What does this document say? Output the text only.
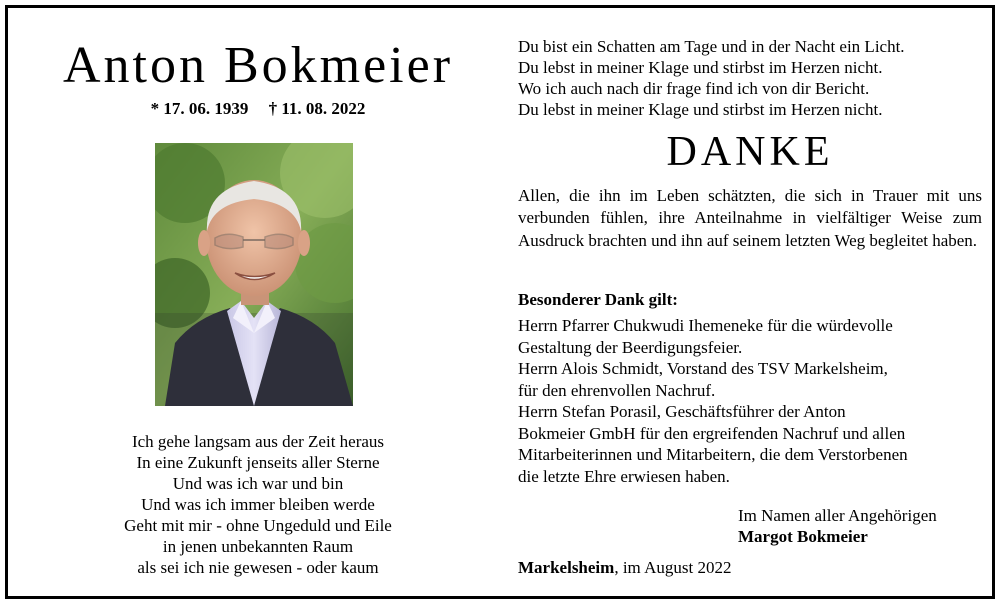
Anton Bokmeier
* 17. 06. 1939 † 11. 08. 2022
Ich gehe langsam aus der Zeit heraus
In eine Zukunft jenseits aller Sterne
Und was ich war und bin
Und was ich immer bleiben werde
Geht mit mir - ohne Ungeduld und Eile
in jenen unbekannten Raum
als sei ich nie gewesen - oder kaum
Du bist ein Schatten am Tage und in der Nacht ein Licht.
Du lebst in meiner Klage und stirbst im Herzen nicht.
Wo ich auch nach dir frage find ich von dir Bericht.
Du lebst in meiner Klage und stirbst im Herzen nicht.
DANKE
Allen, die ihn im Leben schätzten, die sich in Trauer mit uns verbunden fühlen, ihre Anteilnahme in vielfältiger Weise zum Ausdruck brachten und ihn auf seinem letzten Weg begleitet haben.
Besonderer Dank gilt:
Herrn Pfarrer Chukwudi Ihemeneke für die würdevolle
Gestaltung der Beerdigungsfeier.
Herrn Alois Schmidt, Vorstand des TSV Markelsheim,
für den ehrenvollen Nachruf.
Herrn Stefan Porasil, Geschäftsführer der Anton
Bokmeier GmbH für den ergreifenden Nachruf und allen
Mitarbeiterinnen und Mitarbeitern, die dem Verstorbenen
die letzte Ehre erwiesen haben.
Im Namen aller Angehörigen
Margot Bokmeier
Markelsheim, im August 2022
